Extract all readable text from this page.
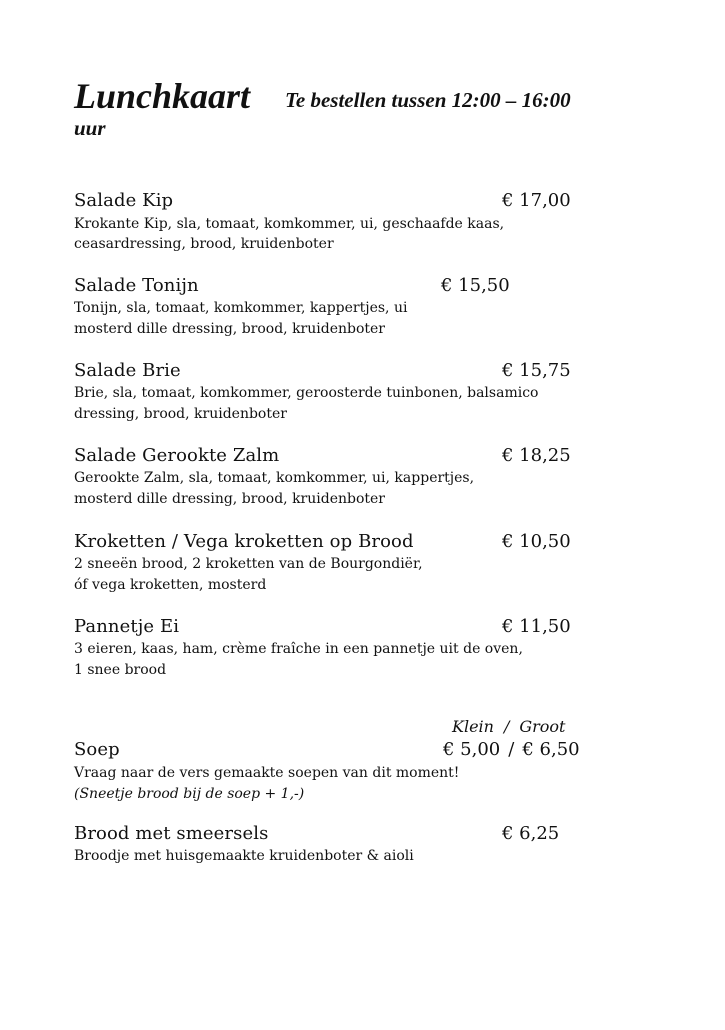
Lunchkaart Te bestellen tussen 12:00 – 16:00
uur
Salade Kip	€ 17,00
Krokante Kip, sla, tomaat, komkommer, ui, geschaafde kaas,
ceasardressing, brood, kruidenboter
Salade Tonijn	€ 15,50
Tonijn, sla, tomaat, komkommer, kappertjes, ui
mosterd dille dressing, brood, kruidenboter
Salade Brie	€ 15,75
Brie, sla, tomaat, komkommer, geroosterde tuinbonen, balsamico
dressing, brood, kruidenboter
Salade Gerookte Zalm	€ 18,25
Gerookte Zalm, sla, tomaat, komkommer, ui, kappertjes,
mosterd dille dressing, brood, kruidenboter
Kroketten / Vega kroketten op Brood	€ 10,50
2 sneeën brood, 2 kroketten van de Bourgondiër,
óf vega kroketten, mosterd
Pannetje Ei	€ 11,50
3 eieren, kaas, ham, crème fraîche in een pannetje uit de oven,
1 snee brood
Klein / Groot
Soep	€ 5,00 / € 6,50
Vraag naar de vers gemaakte soepen van dit moment!
(Sneetje brood bij de soep + 1,-)
Brood met smeersels	€ 6,25
Broodje met huisgemaakte kruidenboter & aioli
